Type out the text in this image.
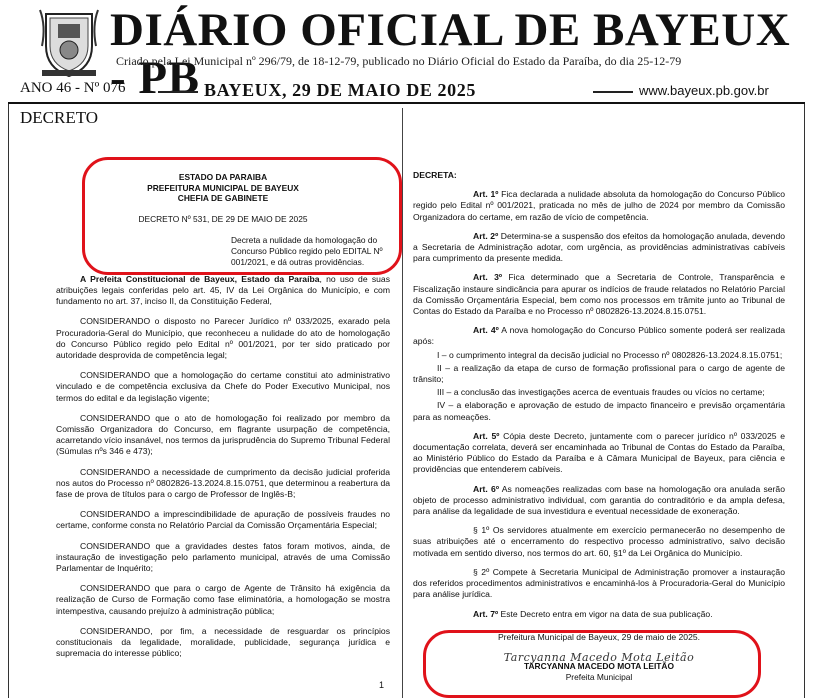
DIÁRIO OFICIAL DE BAYEUX - PB
Criado pela Lei Municipal nº 296/79, de 18-12-79, publicado no Diário Oficial do Estado da Paraíba, do dia 25-12-79
ANO 46 - Nº 076	BAYEUX, 29 DE MAIO DE 2025	www.bayeux.pb.gov.br
DECRETO
ESTADO DA PARAIBA
PREFEITURA MUNICIPAL DE BAYEUX
CHEFIA DE GABINETE
DECRETO Nº 531, DE 29 DE MAIO DE 2025
Decreta a nulidade da homologação do Concurso Público regido pelo EDITAL Nº 001/2021, e dá outras providências.
A Prefeita Constitucional de Bayeux, Estado da Paraíba, no uso de suas atribuições legais conferidas pelo art. 45, IV da Lei Orgânica do Município, e com fundamento no art. 37, inciso II, da Constituição Federal,
CONSIDERANDO o disposto no Parecer Jurídico nº 033/2025, exarado pela Procuradoria-Geral do Município, que reconheceu a nulidade do ato de homologação do Concurso Público regido pelo Edital nº 001/2021, por ter sido praticado por autoridade desprovida de competência legal;
CONSIDERANDO que a homologação do certame constitui ato administrativo vinculado e de competência exclusiva da Chefe do Poder Executivo Municipal, nos termos do edital e da legislação vigente;
CONSIDERANDO que o ato de homologação foi realizado por membro da Comissão Organizadora do Concurso, em flagrante usurpação de competência, acarretando vício insanável, nos termos da jurisprudência do Supremo Tribunal Federal (Súmulas nºs 346 e 473);
CONSIDERANDO a necessidade de cumprimento da decisão judicial proferida nos autos do Processo nº 0802826-13.2024.8.15.0751, que determinou a reabertura da fase de prova de títulos para o cargo de Professor de Inglês-B;
CONSIDERANDO a imprescindibilidade de apuração de possíveis fraudes no certame, conforme consta no Relatório Parcial da Comissão Orçamentária Especial;
CONSIDERANDO que a gravidades destes fatos foram motivos, ainda, de instauração de investigação pelo parlamento municipal, através de uma Comissão Parlamentar de Inquérito;
CONSIDERANDO que para o cargo de Agente de Trânsito há exigência da realização de Curso de Formação como fase eliminatória, a homologação se mostra intempestiva, causando prejuízo à administração pública;
CONSIDERANDO, por fim, a necessidade de resguardar os princípios constitucionais da legalidade, moralidade, publicidade, segurança jurídica e supremacia do interesse público;
1
DECRETA:
Art. 1º Fica declarada a nulidade absoluta da homologação do Concurso Público regido pelo Edital nº 001/2021, praticada no mês de julho de 2024 por membro da Comissão Organizadora do certame, em razão de vício de competência.
Art. 2º Determina-se a suspensão dos efeitos da homologação anulada, devendo a Secretaria de Administração adotar, com urgência, as providências administrativas cabíveis para cumprimento da presente medida.
Art. 3º Fica determinado que a Secretaria de Controle, Transparência e Fiscalização instaure sindicância para apurar os indícios de fraude relatados no Relatório Parcial da Comissão Orçamentária Especial, bem como nos processos em trâmite junto ao Tribunal de Contas do Estado da Paraíba e no Processo nº 0802826-13.2024.8.15.0751.
Art. 4º A nova homologação do Concurso Público somente poderá ser realizada após:
I – o cumprimento integral da decisão judicial no Processo nº 0802826-13.2024.8.15.0751;
II – a realização da etapa de curso de formação profissional para o cargo de agente de trânsito;
III – a conclusão das investigações acerca de eventuais fraudes ou vícios no certame;
IV – a elaboração e aprovação de estudo de impacto financeiro e previsão orçamentária para as nomeações.
Art. 5º Cópia deste Decreto, juntamente com o parecer jurídico nº 033/2025 e documentação correlata, deverá ser encaminhada ao Tribunal de Contas do Estado da Paraíba, ao Ministério Público do Estado da Paraíba e à Câmara Municipal de Bayeux, para ciência e providências que entenderem cabíveis.
Art. 6º As nomeações realizadas com base na homologação ora anulada serão objeto de processo administrativo individual, com garantia do contraditório e da ampla defesa, para análise da legalidade de sua investidura e eventual necessidade de exoneração.
§ 1º Os servidores atualmente em exercício permanecerão no desempenho de suas atribuições até o encerramento do respectivo processo administrativo, salvo decisão motivada em sentido diverso, nos termos do art. 60, §1º da Lei Orgânica do Município.
§ 2º Compete à Secretaria Municipal de Administração promover a instauração dos referidos procedimentos administrativos e encaminhá-los à Procuradoria-Geral do Município para análise jurídica.
Art. 7º Este Decreto entra em vigor na data de sua publicação.
Prefeitura Municipal de Bayeux, 29 de maio de 2025.
Tarcyanna Macedo Mota Leitão
TARCYANNA MACEDO MOTA LEITÃO
Prefeita Municipal
